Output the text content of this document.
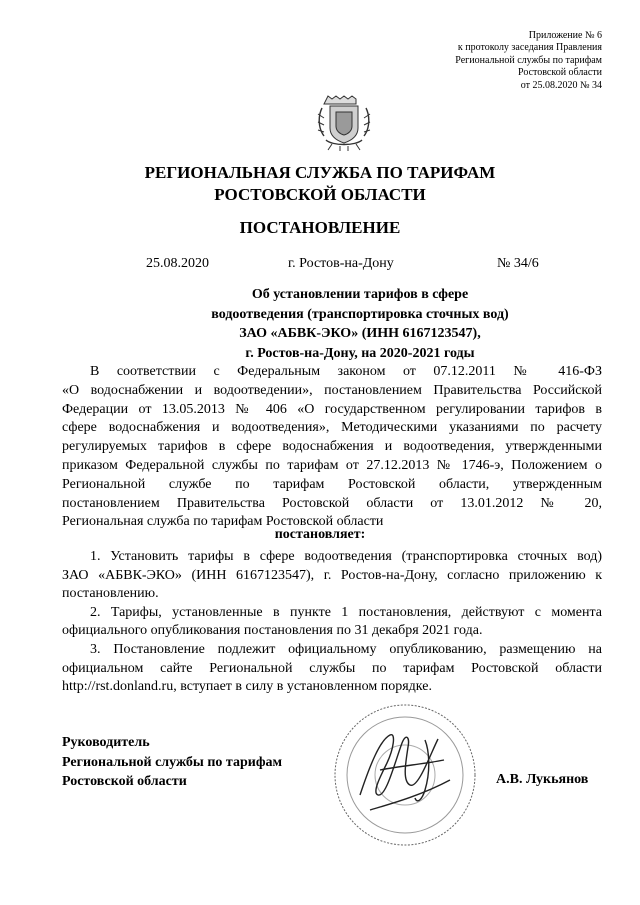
Приложение № 6
к протоколу заседания Правления
Региональной службы по тарифам
Ростовской области
от 25.08.2020 № 34
РЕГИОНАЛЬНАЯ СЛУЖБА ПО ТАРИФАМ
РОСТОВСКОЙ ОБЛАСТИ
ПОСТАНОВЛЕНИЕ
25.08.2020	г. Ростов-на-Дону	№ 34/6
Об установлении тарифов в сфере
водоотведения (транспортировка сточных вод)
ЗАО «АБВК-ЭКО» (ИНН 6167123547),
г. Ростов-на-Дону, на 2020-2021 годы
В соответствии с Федеральным законом от 07.12.2011 № 416-ФЗ
«О водоснабжении и водоотведении», постановлением Правительства Российской
Федерации от 13.05.2013 № 406 «О государственном регулировании тарифов в
сфере водоснабжения и водоотведения», Методическими указаниями по расчету
регулируемых тарифов в сфере водоснабжения и водоотведения, утвержденными
приказом Федеральной службы по тарифам от 27.12.2013 № 1746-э, Положением о
Региональной службе по тарифам Ростовской области, утвержденным
постановлением Правительства Ростовской области от 13.01.2012 № 20,
Региональная служба по тарифам Ростовской области
постановляет:
1. Установить тарифы в сфере водоотведения (транспортировка сточных вод)
ЗАО «АБВК-ЭКО» (ИНН 6167123547), г. Ростов-на-Дону, согласно приложению к
постановлению.
2. Тарифы, установленные в пункте 1 постановления, действуют с момента
официального опубликования постановления по 31 декабря 2021 года.
3. Постановление подлежит официальному опубликованию, размещению на
официальном сайте Региональной службы по тарифам Ростовской области
http://rst.donland.ru, вступает в силу в установленном порядке.
Руководитель
Региональной службы по тарифам
Ростовской области	А.В. Лукьянов
